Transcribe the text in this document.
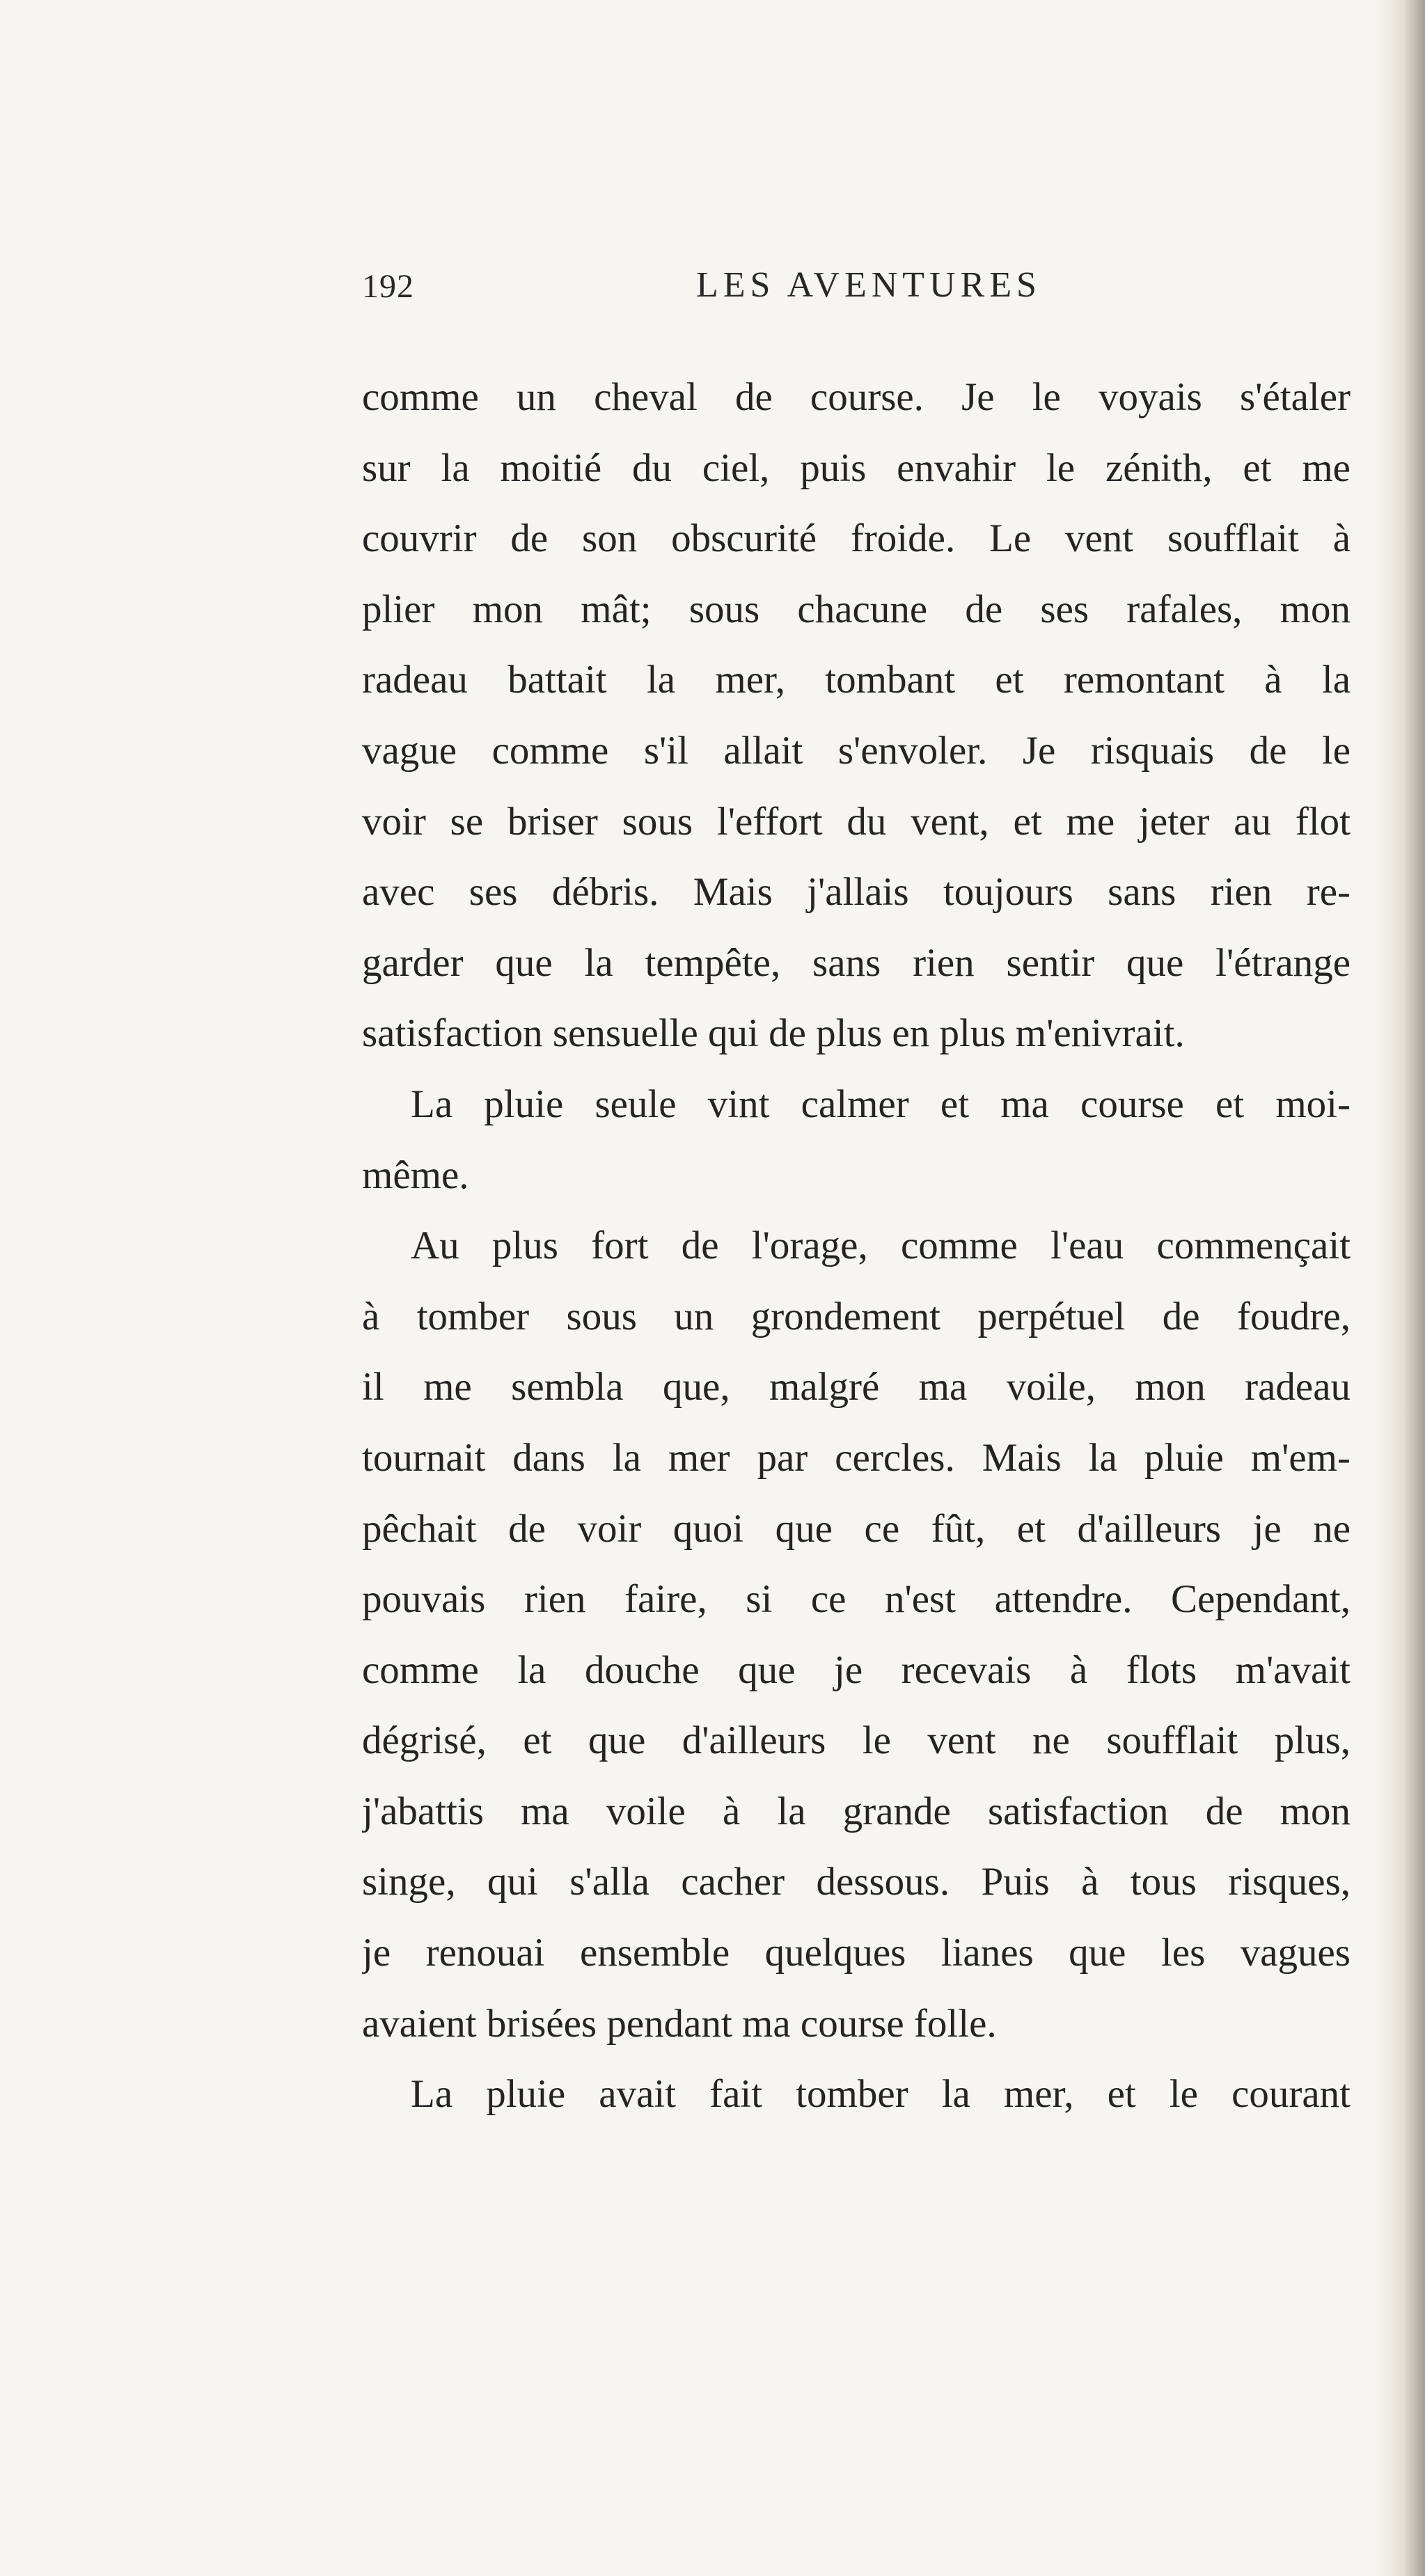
192	LES AVENTURES
comme un cheval de course. Je le voyais s'étaler
sur la moitié du ciel, puis envahir le zénith, et me
couvrir de son obscurité froide. Le vent soufflait à
plier mon mât; sous chacune de ses rafales, mon
radeau battait la mer, tombant et remontant à la
vague comme s'il allait s'envoler. Je risquais de le
voir se briser sous l'effort du vent, et me jeter au flot
avec ses débris. Mais j'allais toujours sans rien re-
garder que la tempête, sans rien sentir que l'étrange
satisfaction sensuelle qui de plus en plus m'enivrait.
La pluie seule vint calmer et ma course et moi-
même.
Au plus fort de l'orage, comme l'eau commençait
à tomber sous un grondement perpétuel de foudre,
il me sembla que, malgré ma voile, mon radeau
tournait dans la mer par cercles. Mais la pluie m'em-
pêchait de voir quoi que ce fût, et d'ailleurs je ne
pouvais rien faire, si ce n'est attendre. Cependant,
comme la douche que je recevais à flots m'avait
dégrisé, et que d'ailleurs le vent ne soufflait plus,
j'abattis ma voile à la grande satisfaction de mon
singe, qui s'alla cacher dessous. Puis à tous risques,
je renouai ensemble quelques lianes que les vagues
avaient brisées pendant ma course folle.
La pluie avait fait tomber la mer, et le courant
